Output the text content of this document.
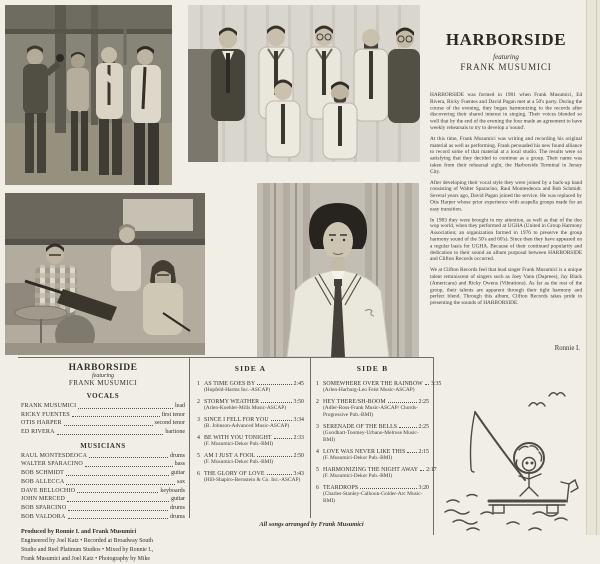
HARBORSIDE
featuring
FRANK MUSUMICI

HARBORSIDE was formed in 1981 when Frank Musumici, Ed Rivera, Ricky Fuentes and David Pagan met at a 50's party. During the course of the evening, they began harmonizing to the records after discovering their shared interest in singing. Their voices blended so well that by the end of the evening the four made an agreement to have weekly rehearsals to try to develop a 'sound'.

At this time, Frank Musumici was writing and recording his original material as well as performing. Frank persuaded his new found alliance to record some of that material at a local studio. The results were so satisfying that they decided to continue as a group. Their name was taken from their rehearsal sight, the Harborside Terminal in Jersey City.

After developing their vocal style they were joined by a back-up band consisting of Walter Sparacino, Raul Montesdeoca and Bob Schmidt. Several years ago, David Pagan joined the service. He was replaced by Otis Harper whose prior experience with acapella groups made for an easy transition.

In 1983 they were brought to my attention, as well as that of the doo wop world, when they performed at UGHA (United in Group Harmony Association; an organization formed in 1976 to preserve the group harmony sound of the 50's and 60's). Since then they have appeared on a regular basis for UGHA. Because of their continued popularity and dedication to their sound an album purposal between HARBORSIDE and Clifton Records occurred.

We at Clifton Records feel that lead singer Frank Musumici is a unique talent reminiscent of singers such as Joey Vann (Duprees), Jay Black (Americans) and Ricky Owens (Vibrations). As far as the rest of the group, their talents are apparent through their tight harmony and perfect blend. Through this album, Clifton Records takes pride in presenting the sounds of HARBORSIDE.

Ronnie I.
HARBORSIDE
featuring
FRANK MUSUMICI
VOCALS
FRANK MUSUMICI	lead
RICKY FUENTES	first tenor
OTIS HARPER	second tenor
ED RIVERA	baritone
MUSICIANS
RAUL MONTESDEOCA	drums
WALTER SPARACINO	bass
BOB SCHMIDT	guitar
BOB ALLECCA	sax
DAVE BELLOCHIO	keyboards
JOHN MERCED	guitar
BOB SPARCINO	drums
BOB VALDORA	drums
Produced by Ronnie I. and Frank Musumici
Engineered by Joel Katz • Recorded at Broadway South
Studio and Reel Platinum Studios • Mixed by Ronnie I.,
Frank Musumici and Joel Katz • Photography by Mike
SIDE A
1 AS TIME GOES BY	2:45
(Hupfeld-Harms Inc.-ASCAP)
2 STORMY WEATHER	3:50
(Arlen-Koehler-Mills Music-ASCAP)
3 SINCE I FELL FOR YOU	3:34
(B. Johnson-Advanced Music-ASCAP)
4 BE WITH YOU TONIGHT	2:33
(F. Musumici-Dekor Pub.-BMI)
5 AM I JUST A FOOL	2:50
(F. Musumici-Dekor Pub.-BMI)
6 THE GLORY OF LOVE	3:43
(Hill-Shapiro-Bernstein & Co. Inc.-ASCAP)
SIDE B
1 SOMEWHERE OVER THE RAINBOW 3:35
(Arlen-Harburg-Leo Feist Music-ASCAP)
2 HEY THERE/SH-BOOM	2:25
(Adler-Ross-Frank Music-ASCAP/ Chords-Progressive Pub.-BMI)
3 SERENADE OF THE BELLS	2:25
(Goodhart-Toomey-Urbano-Melrose Music-BMI)
4 LOVE WAS NEVER LIKE THIS 2:15
(F. Musumici-Dekor Pub.-BMI)
5 HARMONIZING THE NIGHT AWAY 2:17
(F. Musumici-Dekor Pub.-BMI)
6 TEARDROPS	3:20
(Charles-Stanley-Calhoun-Golder-Arc Music-BMI)
All songs arranged by Frank Musumici
